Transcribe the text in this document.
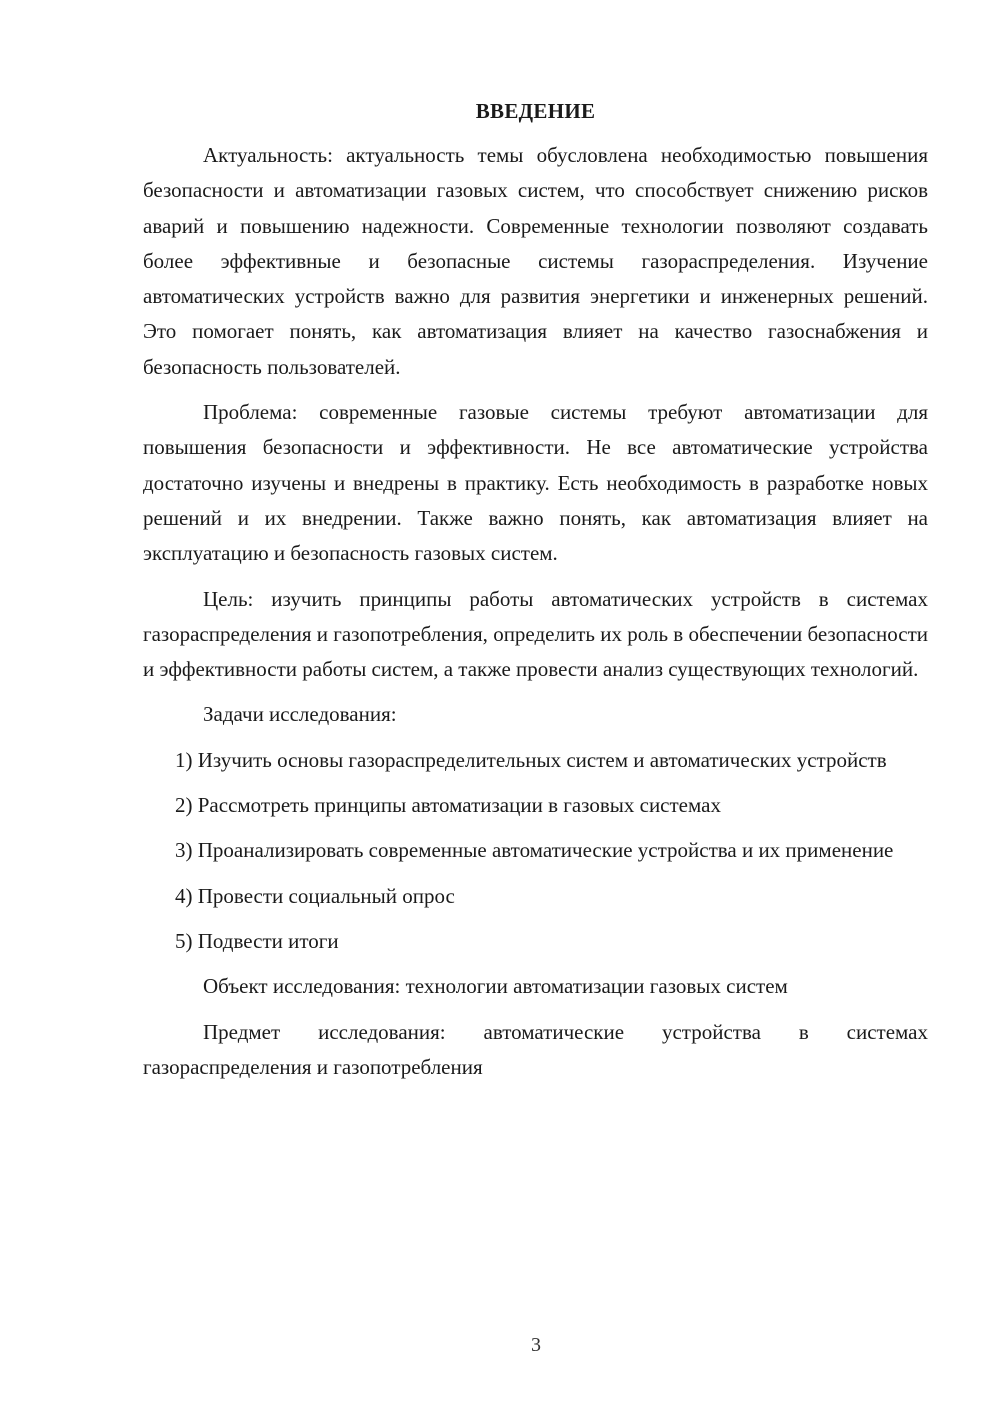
ВВЕДЕНИЕ

Актуальность: актуальность темы обусловлена необходимостью повышения безопасности и автоматизации газовых систем, что способствует снижению рисков аварий и повышению надежности. Современные технологии позволяют создавать более эффективные и безопасные системы газораспределения. Изучение автоматических устройств важно для развития энергетики и инженерных решений. Это помогает понять, как автоматизация влияет на качество газоснабжения и безопасность пользователей.

Проблема: современные газовые системы требуют автоматизации для повышения безопасности и эффективности. Не все автоматические устройства достаточно изучены и внедрены в практику. Есть необходимость в разработке новых решений и их внедрении. Также важно понять, как автоматизация влияет на эксплуатацию и безопасность газовых систем.

Цель: изучить принципы работы автоматических устройств в системах газораспределения и газопотребления, определить их роль в обеспечении безопасности и эффективности работы систем, а также провести анализ существующих технологий.

Задачи исследования:

1) Изучить основы газораспределительных систем и автоматических устройств

2) Рассмотреть принципы автоматизации в газовых системах

3) Проанализировать современные автоматические устройства и их применение

4) Провести социальный опрос

5) Подвести итоги

Объект исследования: технологии автоматизации газовых систем

Предмет исследования: автоматические устройства в системах газораспределения и газопотребления

3
